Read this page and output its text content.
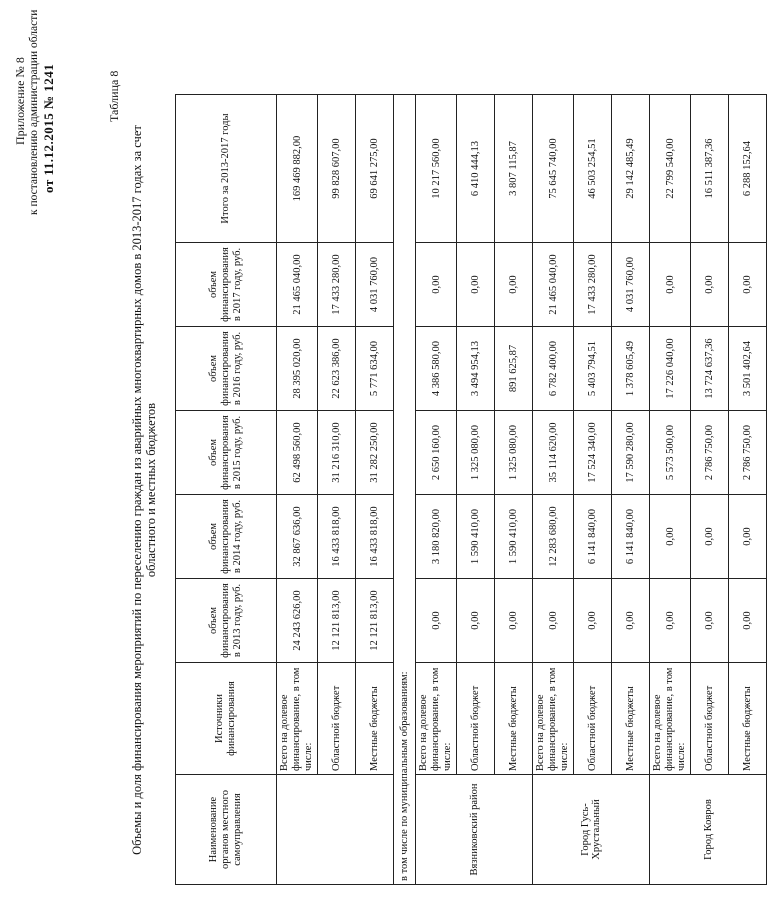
Приложение № 8 к постановлению администрации области от 11.12.2015 № 1241	Таблица 8
Объемы и доля финансирования мероприятий по переселению граждан из аварийных многоквартирных домов в 2013-2017 годах за счет областного и местных бюджетов
Наименование органов местного самоуправления	Источники финансирования	объем финансирования в 2013 году, руб.	объем финансирования в 2014 году, руб.	объем финансирования в 2015 году, руб.	объем финансирования в 2016 году, руб.	объем финансирования в 2017 году, руб.	Итого за 2013-2017 годы
	Всего на долевое финансирование, в том числе:	24 243 626,00	32 867 636,00	62 498 560,00	28 395 020,00	21 465 040,00	169 469 882,00
	Областной бюджет	12 121 813,00	16 433 818,00	31 216 310,00	22 623 386,00	17 433 280,00	99 828 607,00
	Местные бюджеты	12 121 813,00	16 433 818,00	31 282 250,00	5 771 634,00	4 031 760,00	69 641 275,00
в том числе по муниципальным образованиям:							
Вязниковский район	Всего на долевое финансирование, в том числе:	0,00	3 180 820,00	2 650 160,00	4 386 580,00	0,00	10 217 560,00
	Областной бюджет	0,00	1 590 410,00	1 325 080,00	3 494 954,13	0,00	6 410 444,13
	Местные бюджеты	0,00	1 590 410,00	1 325 080,00	891 625,87	0,00	3 807 115,87
Город Гусь-Хрустальный	Всего на долевое финансирование, в том числе:	0,00	12 283 680,00	35 114 620,00	6 782 400,00	21 465 040,00	75 645 740,00
	Областной бюджет	0,00	6 141 840,00	17 524 340,00	5 403 794,51	17 433 280,00	46 503 254,51
	Местные бюджеты	0,00	6 141 840,00	17 590 280,00	1 378 605,49	4 031 760,00	29 142 485,49
Город Ковров	Всего на долевое финансирование, в том числе:	0,00	0,00	5 573 500,00	17 226 040,00	0,00	22 799 540,00
	Областной бюджет	0,00	0,00	2 786 750,00	13 724 637,36	0,00	16 511 387,36
	Местные бюджеты	0,00	0,00	2 786 750,00	3 501 402,64	0,00	6 288 152,64
